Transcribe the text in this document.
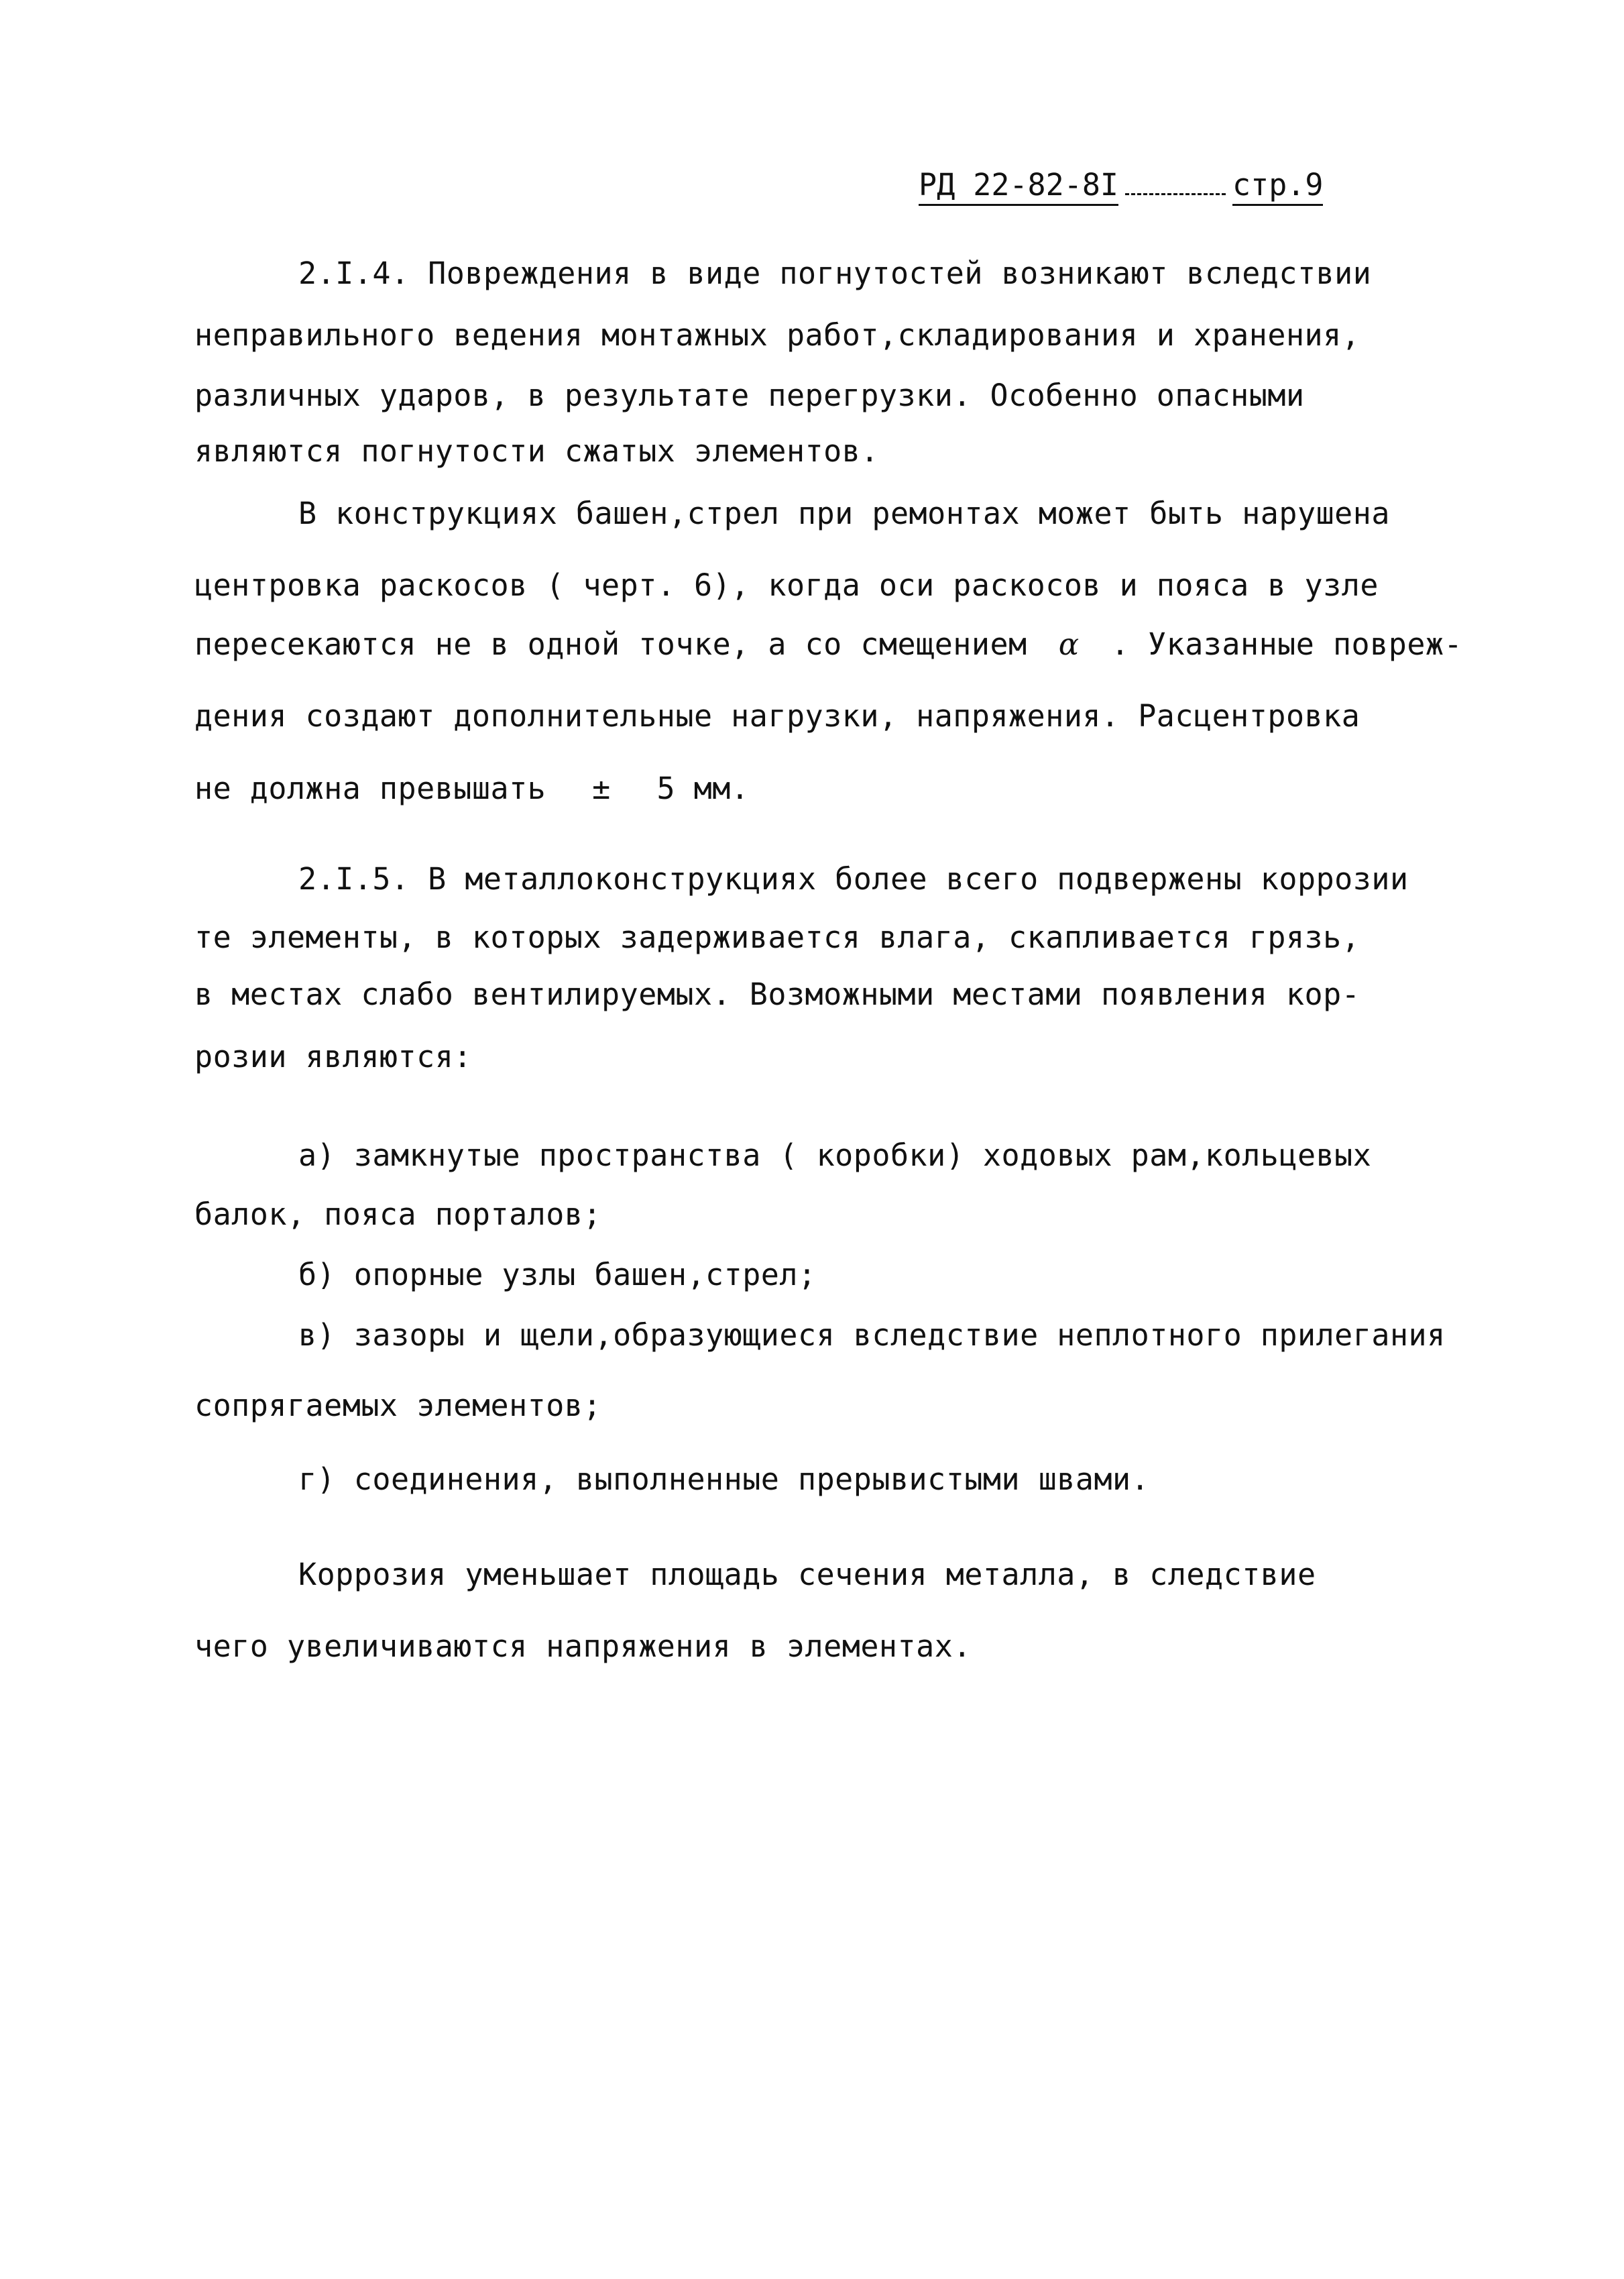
РД 22-82-8I	стр.9
2.I.4. Повреждения в виде погнутостей возникают вследствии
неправильного ведения монтажных работ,складирования и хранения,
различных ударов, в результате перегрузки. Особенно опасными
являются погнутости сжатых элементов.
В конструкциях башен,стрел при ремонтах может быть нарушена
центровка раскосов ( черт. 6), когда оси раскосов и пояса в узле
пересекаются не в одной точке, а со смещением α . Указанные повреж-
дения создают дополнительные нагрузки, напряжения. Расцентровка
не должна превышать ± 5 мм.
2.I.5. В металлоконструкциях более всего подвержены коррозии
те элементы, в которых задерживается влага, скапливается грязь,
в местах слабо вентилируемых. Возможными местами появления кор-
розии являются:
а) замкнутые пространства ( коробки) ходовых рам,кольцевых
балок, пояса порталов;
б) опорные узлы башен,стрел;
в) зазоры и щели,образующиеся вследствие неплотного прилегания
сопрягаемых элементов;
г) соединения, выполненные прерывистыми швами.
Коррозия уменьшает площадь сечения металла, в следствие
чего увеличиваются напряжения в элементах.
